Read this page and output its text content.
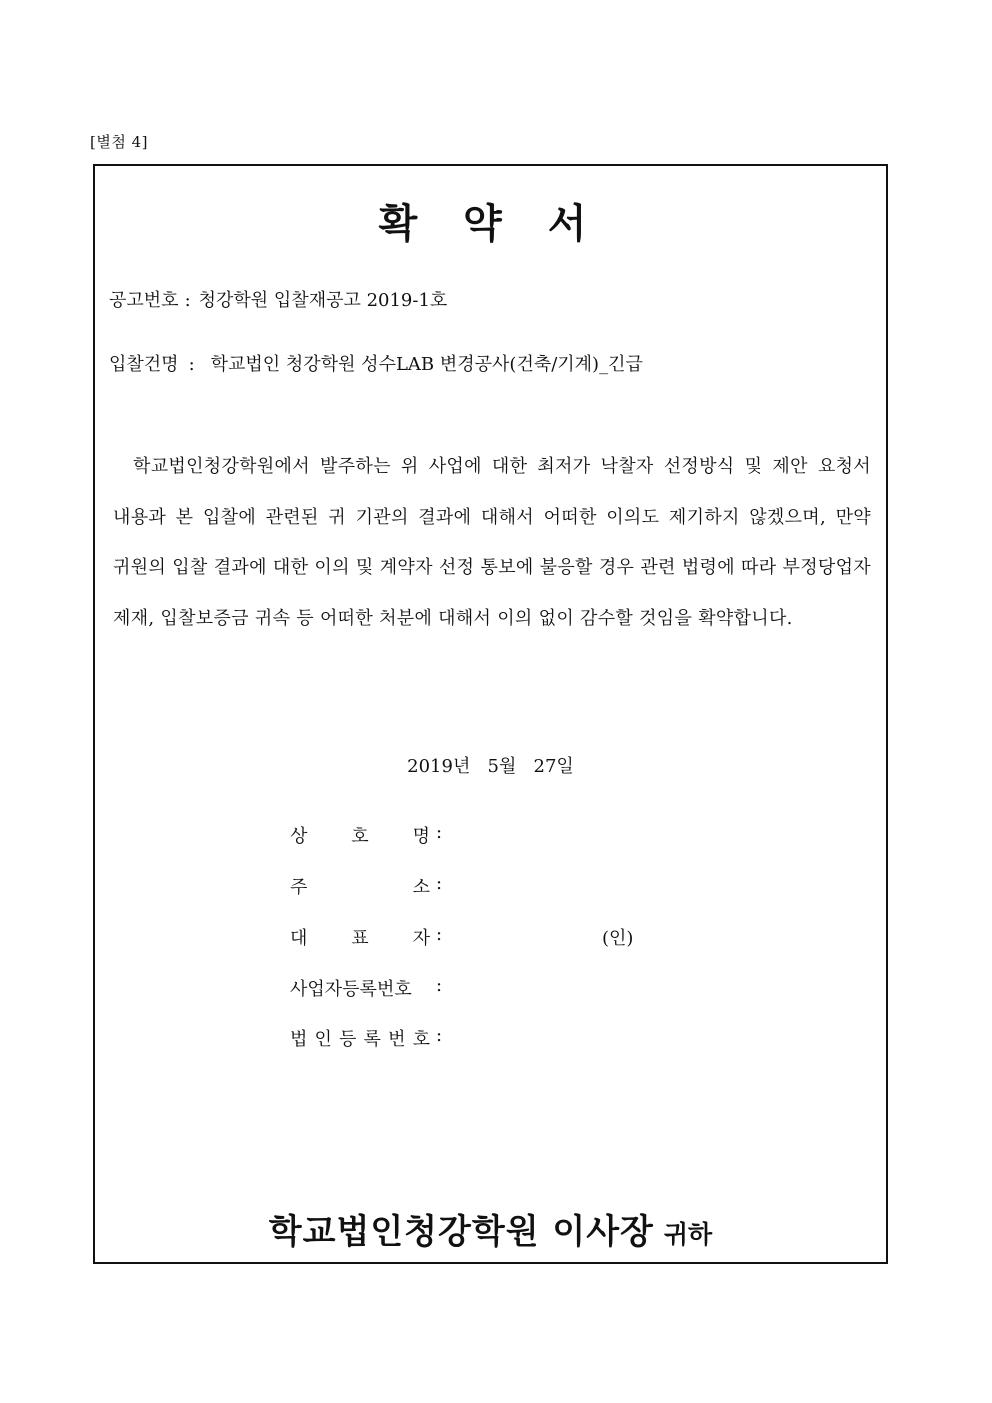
[별첨 4]
확 약 서
공고번호 : 청강학원 입찰재공고 2019-1호
입찰건명 : 학교법인 청강학원 성수LAB 변경공사(건축/기계)_긴급
학교법인청강학원에서 발주하는 위 사업에 대한 최저가 낙찰자 선정방식 및 제안 요청서 내용과 본 입찰에 관련된 귀 기관의 결과에 대해서 어떠한 이의도 제기하지 않겠으며, 만약 귀원의 입찰 결과에 대한 이의 및 계약자 선정 통보에 불응할 경우 관련 법령에 따라 부정당업자 제재, 입찰보증금 귀속 등 어떠한 처분에 대해서 이의 없이 감수할 것임을 확약합니다.
2019년   5월   27일
상 호 명 :
주	소 :
대 표 자 :	(인)
사업자등록번호 :
법 인 등 록 번 호 :
학교법인청강학원 이사장 귀하
